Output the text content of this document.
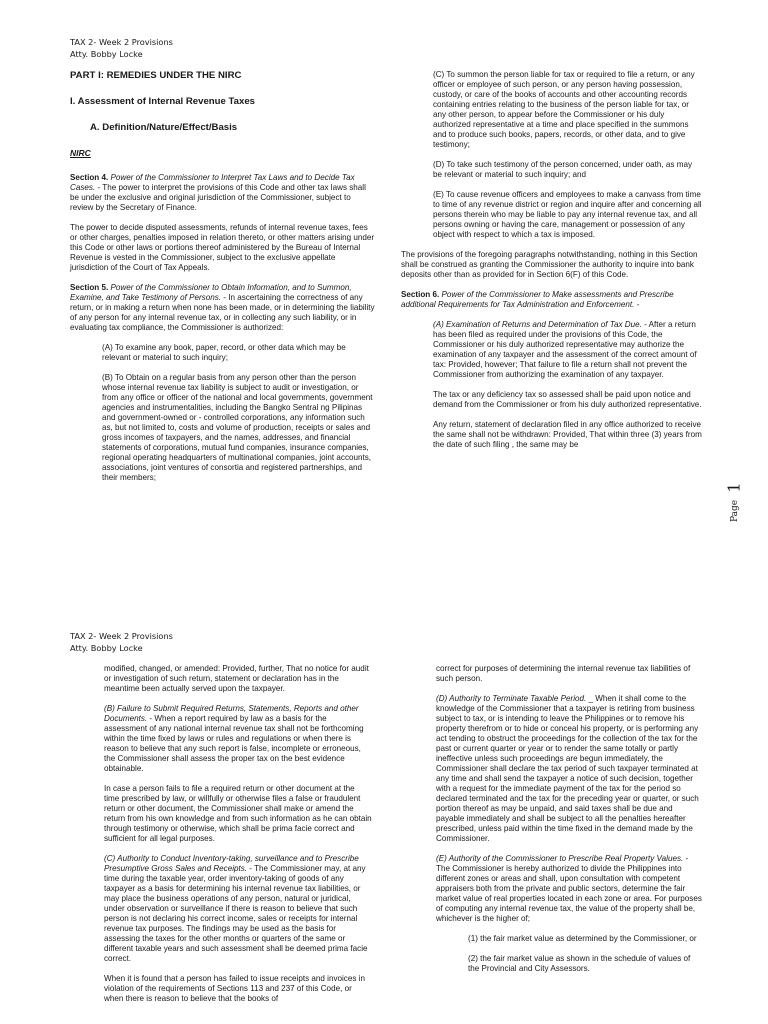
TAX 2- Week 2 Provisions
Atty. Bobby Locke

PART I: REMEDIES UNDER THE NIRC

I. Assessment of Internal Revenue Taxes

A. Definition/Nature/Effect/Basis

NIRC

Section 4. Power of the Commissioner to Interpret Tax Laws and to Decide Tax Cases. - The power to interpret the provisions of this Code and other tax laws shall be under the exclusive and original jurisdiction of the Commissioner, subject to review by the Secretary of Finance.

The power to decide disputed assessments, refunds of internal revenue taxes, fees or other charges, penalties imposed in relation thereto, or other matters arising under this Code or other laws or portions thereof administered by the Bureau of Internal Revenue is vested in the Commissioner, subject to the exclusive appellate jurisdiction of the Court of Tax Appeals.

Section 5. Power of the Commissioner to Obtain Information, and to Summon, Examine, and Take Testimony of Persons. - In ascertaining the correctness of any return, or in making a return when none has been made, or in determining the liability of any person for any internal revenue tax, or in collecting any such liability, or in evaluating tax compliance, the Commissioner is authorized:

(A) To examine any book, paper, record, or other data which may be relevant or material to such inquiry;

(B) To Obtain on a regular basis from any person other than the person whose internal revenue tax liability is subject to audit or investigation, or from any office or officer of the national and local governments, government agencies and instrumentalities, including the Bangko Sentral ng Pilipinas and government-owned or - controlled corporations, any information such as, but not limited to, costs and volume of production, receipts or sales and gross incomes of taxpayers, and the names, addresses, and financial statements of corporations, mutual fund companies, insurance companies, regional operating headquarters of multinational companies, joint accounts, associations, joint ventures of consortia and registered partnerships, and their members;

(C) To summon the person liable for tax or required to file a return, or any officer or employee of such person, or any person having possession, custody, or care of the books of accounts and other accounting records containing entries relating to the business of the person liable for tax, or any other person, to appear before the Commissioner or his duly authorized representative at a time and place specified in the summons and to produce such books, papers, records, or other data, and to give testimony;

(D) To take such testimony of the person concerned, under oath, as may be relevant or material to such inquiry; and

(E) To cause revenue officers and employees to make a canvass from time to time of any revenue district or region and inquire after and concerning all persons therein who may be liable to pay any internal revenue tax, and all persons owning or having the care, management or possession of any object with respect to which a tax is imposed.

The provisions of the foregoing paragraphs notwithstanding, nothing in this Section shall be construed as granting the Commissioner the authority to inquire into bank deposits other than as provided for in Section 6(F) of this Code.

Section 6. Power of the Commissioner to Make assessments and Prescribe additional Requirements for Tax Administration and Enforcement. -

(A) Examination of Returns and Determination of Tax Due. - After a return has been filed as required under the provisions of this Code, the Commissioner or his duly authorized representative may authorize the examination of any taxpayer and the assessment of the correct amount of tax: Provided, however; That failure to file a return shall not prevent the Commissioner from authorizing the examination of any taxpayer.

The tax or any deficiency tax so assessed shall be paid upon notice and demand from the Commissioner or from his duly authorized representative.

Any return, statement of declaration filed in any office authorized to receive the same shall not be withdrawn: Provided, That within three (3) years from the date of such filing , the same may be

1
Page
TAX 2- Week 2 Provisions
Atty. Bobby Locke

modified, changed, or amended: Provided, further, That no notice for audit or investigation of such return, statement or declaration has in the meantime been actually served upon the taxpayer.

(B) Failure to Submit Required Returns, Statements, Reports and other Documents. - When a report required by law as a basis for the assessment of any national internal revenue tax shall not be forthcoming within the time fixed by laws or rules and regulations or when there is reason to believe that any such report is false, incomplete or erroneous, the Commissioner shall assess the proper tax on the best evidence obtainable.

In case a person fails to file a required return or other document at the time prescribed by law, or willfully or otherwise files a false or fraudulent return or other document, the Commissioner shall make or amend the return from his own knowledge and from such information as he can obtain through testimony or otherwise, which shall be prima facie correct and sufficient for all legal purposes.

(C) Authority to Conduct Inventory-taking, surveillance and to Prescribe Presumptive Gross Sales and Receipts. - The Commissioner may, at any time during the taxable year, order inventory-taking of goods of any taxpayer as a basis for determining his internal revenue tax liabilities, or may place the business operations of any person, natural or juridical, under observation or surveillance if there is reason to believe that such person is not declaring his correct income, sales or receipts for internal revenue tax purposes. The findings may be used as the basis for assessing the taxes for the other months or quarters of the same or different taxable years and such assessment shall be deemed prima facie correct.

When it is found that a person has failed to issue receipts and invoices in violation of the requirements of Sections 113 and 237 of this Code, or when there is reason to believe that the books of

correct for purposes of determining the internal revenue tax liabilities of such person.

(D) Authority to Terminate Taxable Period. _ When it shall come to the knowledge of the Commissioner that a taxpayer is retiring from business subject to tax, or is intending to leave the Philippines or to remove his property therefrom or to hide or conceal his property, or is performing any act tending to obstruct the proceedings for the collection of the tax for the past or current quarter or year or to render the same totally or partly ineffective unless such proceedings are begun immediately, the Commissioner shall declare the tax period of such taxpayer terminated at any time and shall send the taxpayer a notice of such decision, together with a request for the immediate payment of the tax for the period so declared terminated and the tax for the preceding year or quarter, or such portion thereof as may be unpaid, and said taxes shall be due and payable immediately and shall be subject to all the penalties hereafter prescribed, unless paid within the time fixed in the demand made by the Commissioner.

(E) Authority of the Commissioner to Prescribe Real Property Values. - The Commissioner is hereby authorized to divide the Philippines into different zones or areas and shall, upon consultation with competent appraisers both from the private and public sectors, determine the fair market value of real properties located in each zone or area. For purposes of computing any internal revenue tax, the value of the property shall be, whichever is the higher of;

(1) the fair market value as determined by the Commissioner, or

(2) the fair market value as shown in the schedule of values of the Provincial and City Assessors.
